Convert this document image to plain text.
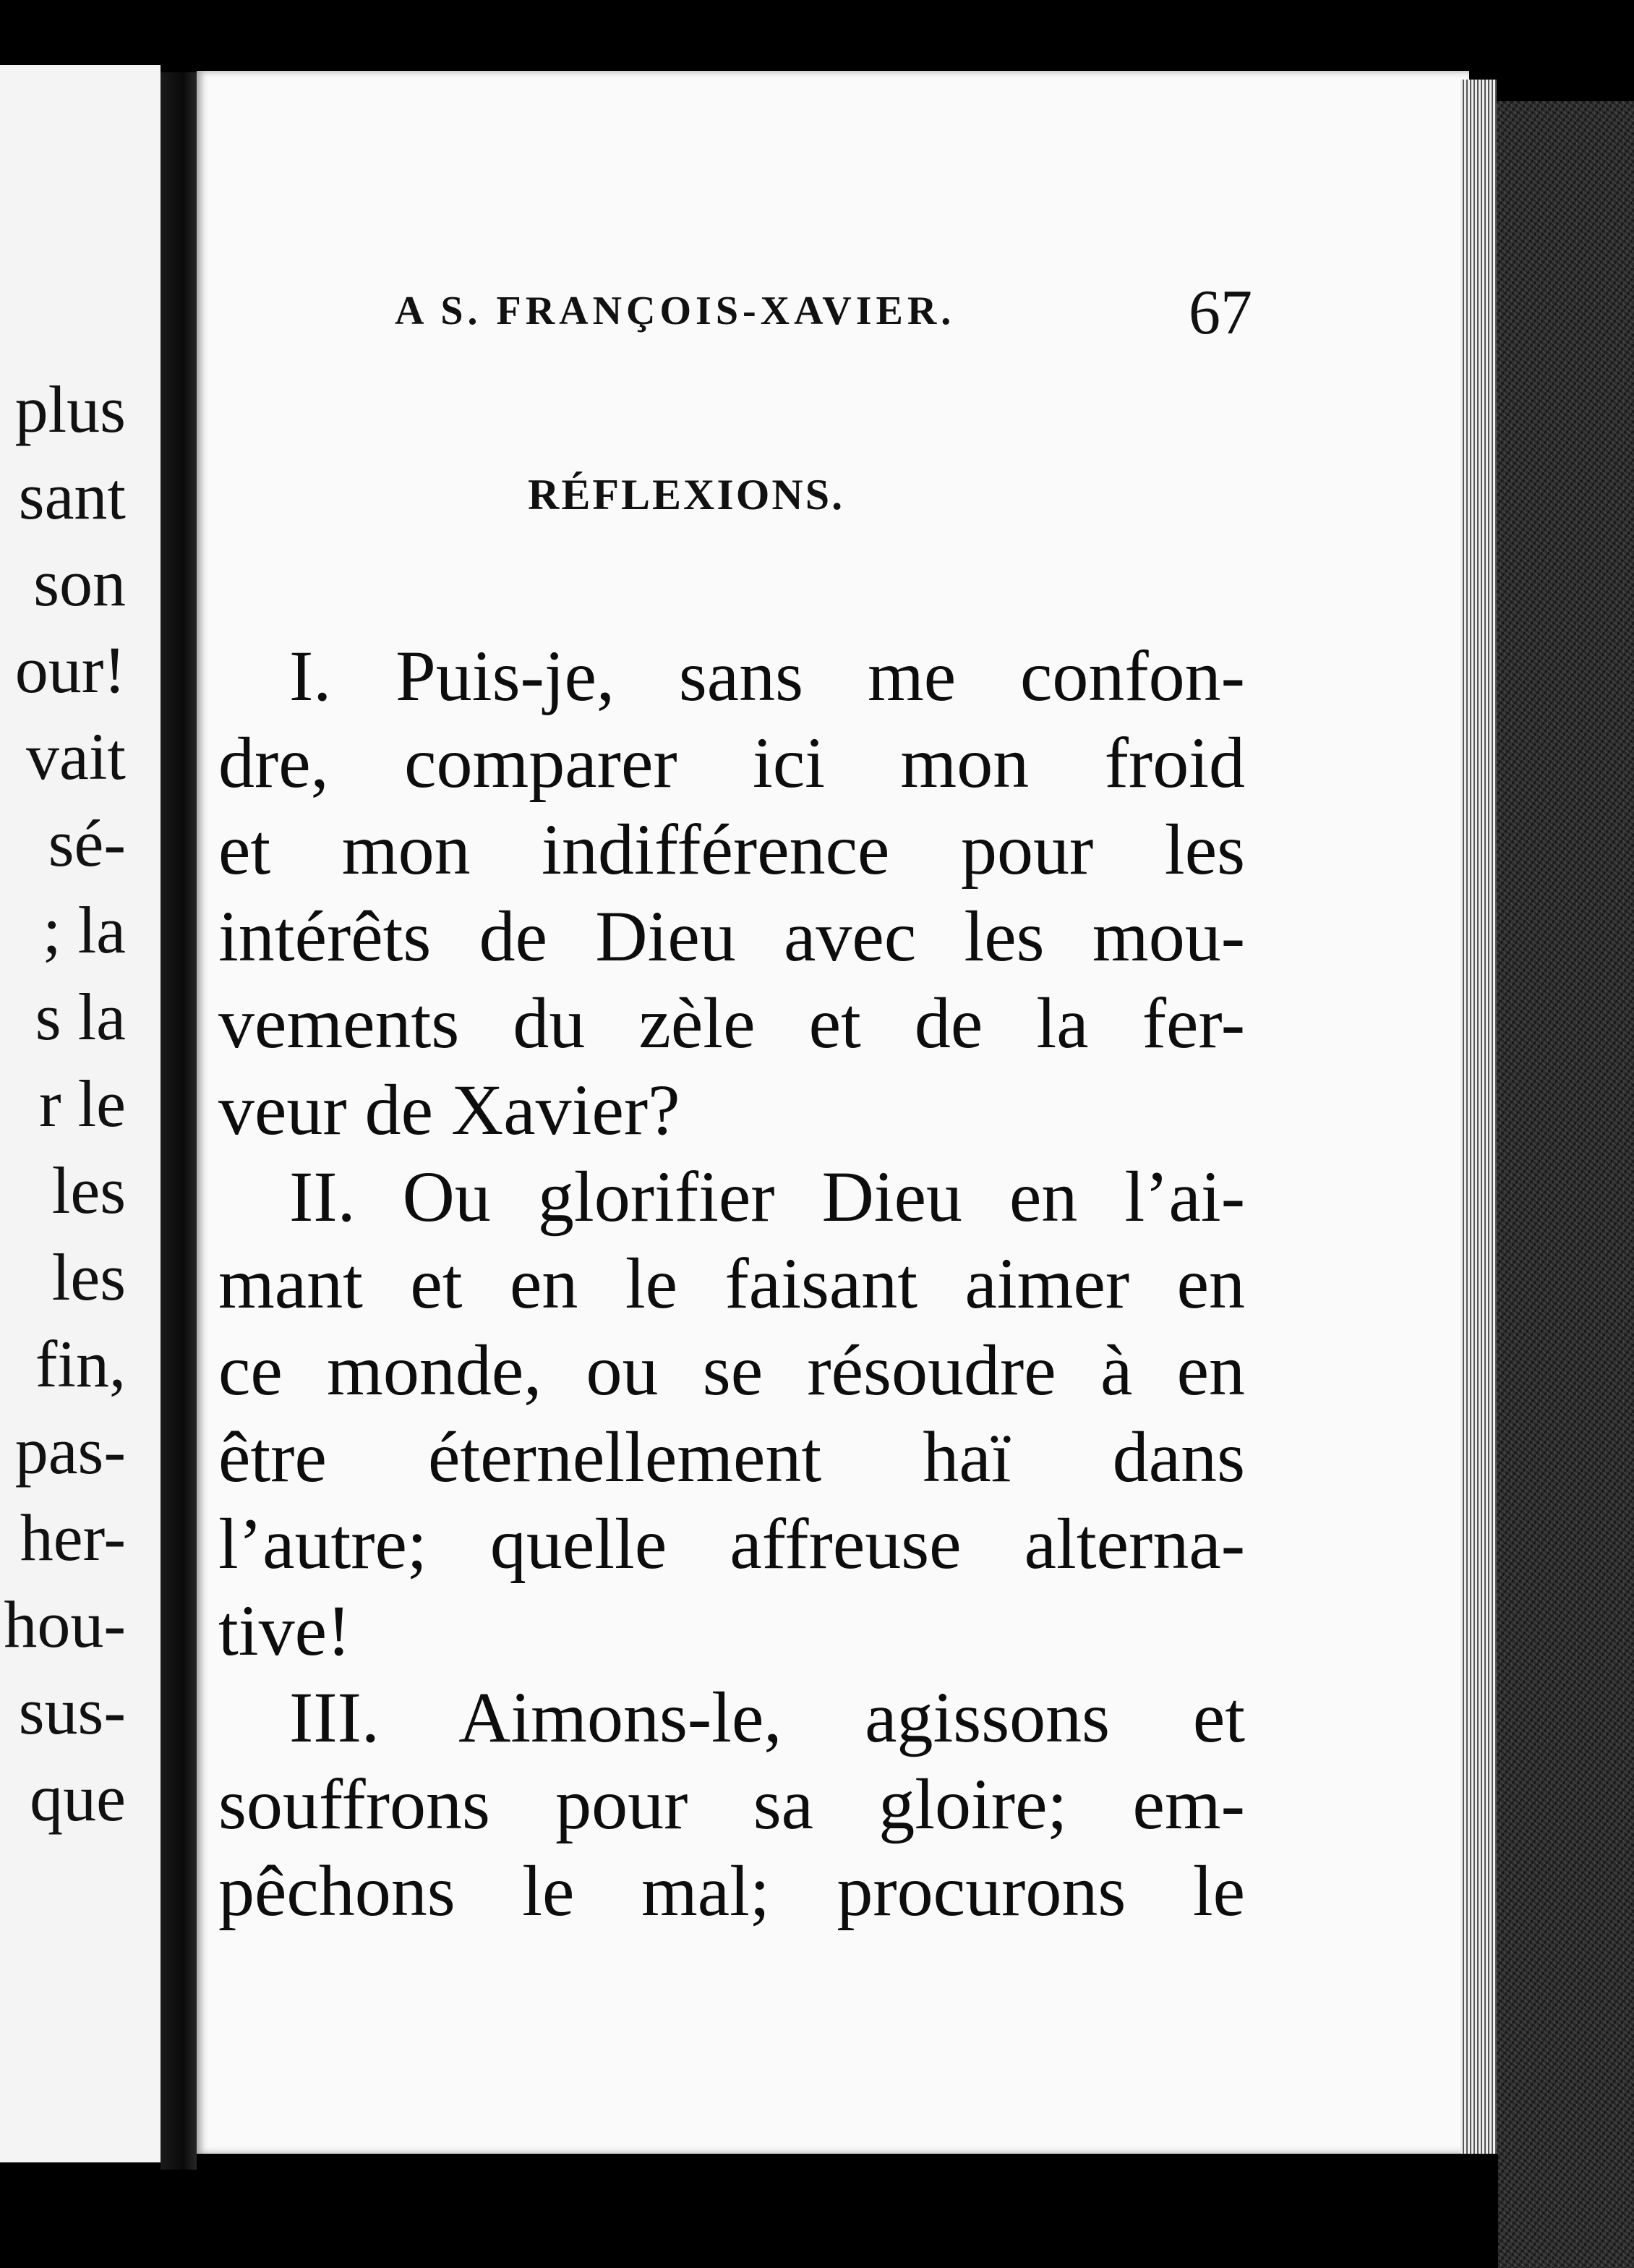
plus
sant
son
our!
vait
sé-
; la
s la
r le
les
les
fin,
pas-
her-
hou-
sus-
que
A S. FRANÇOIS-XAVIER.	67
RÉFLEXIONS.
I. Puis-je, sans me confon-
dre, comparer ici mon froid
et mon indifférence pour les
intérêts de Dieu avec les mou-
vements du zèle et de la fer-
veur de Xavier?
II. Ou glorifier Dieu en l’ai-
mant et en le faisant aimer en
ce monde, ou se résoudre à en
être éternellement haï dans
l’autre; quelle affreuse alterna-
tive!
III. Aimons-le, agissons et
souffrons pour sa gloire; em-
pêchons le mal; procurons le
